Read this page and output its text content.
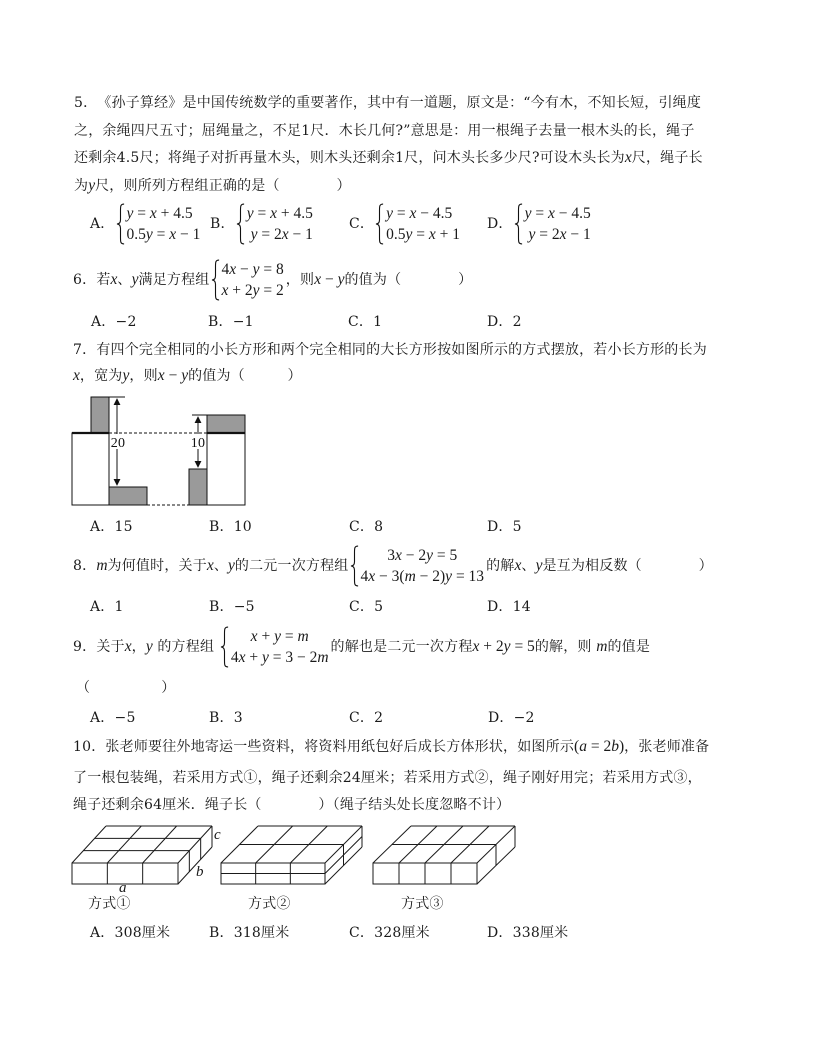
20	10
5． 《孙子算经》是中国传统数学的重要著作，其中有一道题，原文是：“今有木，不知长短，引绳度
之，余绳四尺五寸；屈绳量之，不足1尺．木长几何?”意思是：用一根绳子去量一根木头的长，绳子
还剩余4.5尺；将绳子对折再量木头，则木头还剩余1尺，问木头长多少尺?可设木头长为 x 尺，绳子长
为 y 尺，则所列方程组正确的是（　　　　）
A．
y = x + 4.5
0.5y = x − 1
B．
y = x + 4.5
y = 2x − 1
C．
y = x − 4.5
0.5y = x + 1
D．
y = x − 4.5
y = 2x − 1
6． 若 x 、 y 满足方程组
4x − y = 8
x + 2y = 2
，则 x − y 的值为（　　　　）
A． −2	B． −1	C． 1	D． 2
7． 有四个完全相同的小长方形和两个完全相同的大长方形按如图所示的方式摆放，若小长方形的长为
x ，宽为 y ，则 x − y 的值为（　　　）
A． 15	B． 10	C． 8	D． 5
8． m 为何值时，关于 x 、 y 的二元一次方程组
3x − 2y = 5
4x − 3(m − 2)y = 13
的解 x 、 y 是互为相反数（　　　　）
A． 1	B． −5	C． 5	D． 14
9． 关于 x ， y 的方程组
x + y = m
4x + y = 3 − 2m
的解也是二元一次方程 x + 2y = 5 的解，则 m 的值是
（　　　　　）
A． −5	B． 3	C． 2	D． −2
10． 张老师要往外地寄运一些资料，将资料用纸包好后成长方体形状，如图所示 (a = 2b) ，张老师准备
了一根包装绳，若采用方式①，绳子还剩余24厘米；若采用方式②，绳子刚好用完；若采用方式③，
绳子还剩余64厘米．绳子长（　　　　）（绳子结头处长度忽略不计）
c
b
a
方式①	方式②	方式③
A． 308厘米	B． 318厘米	C． 328厘米	D． 338厘米
